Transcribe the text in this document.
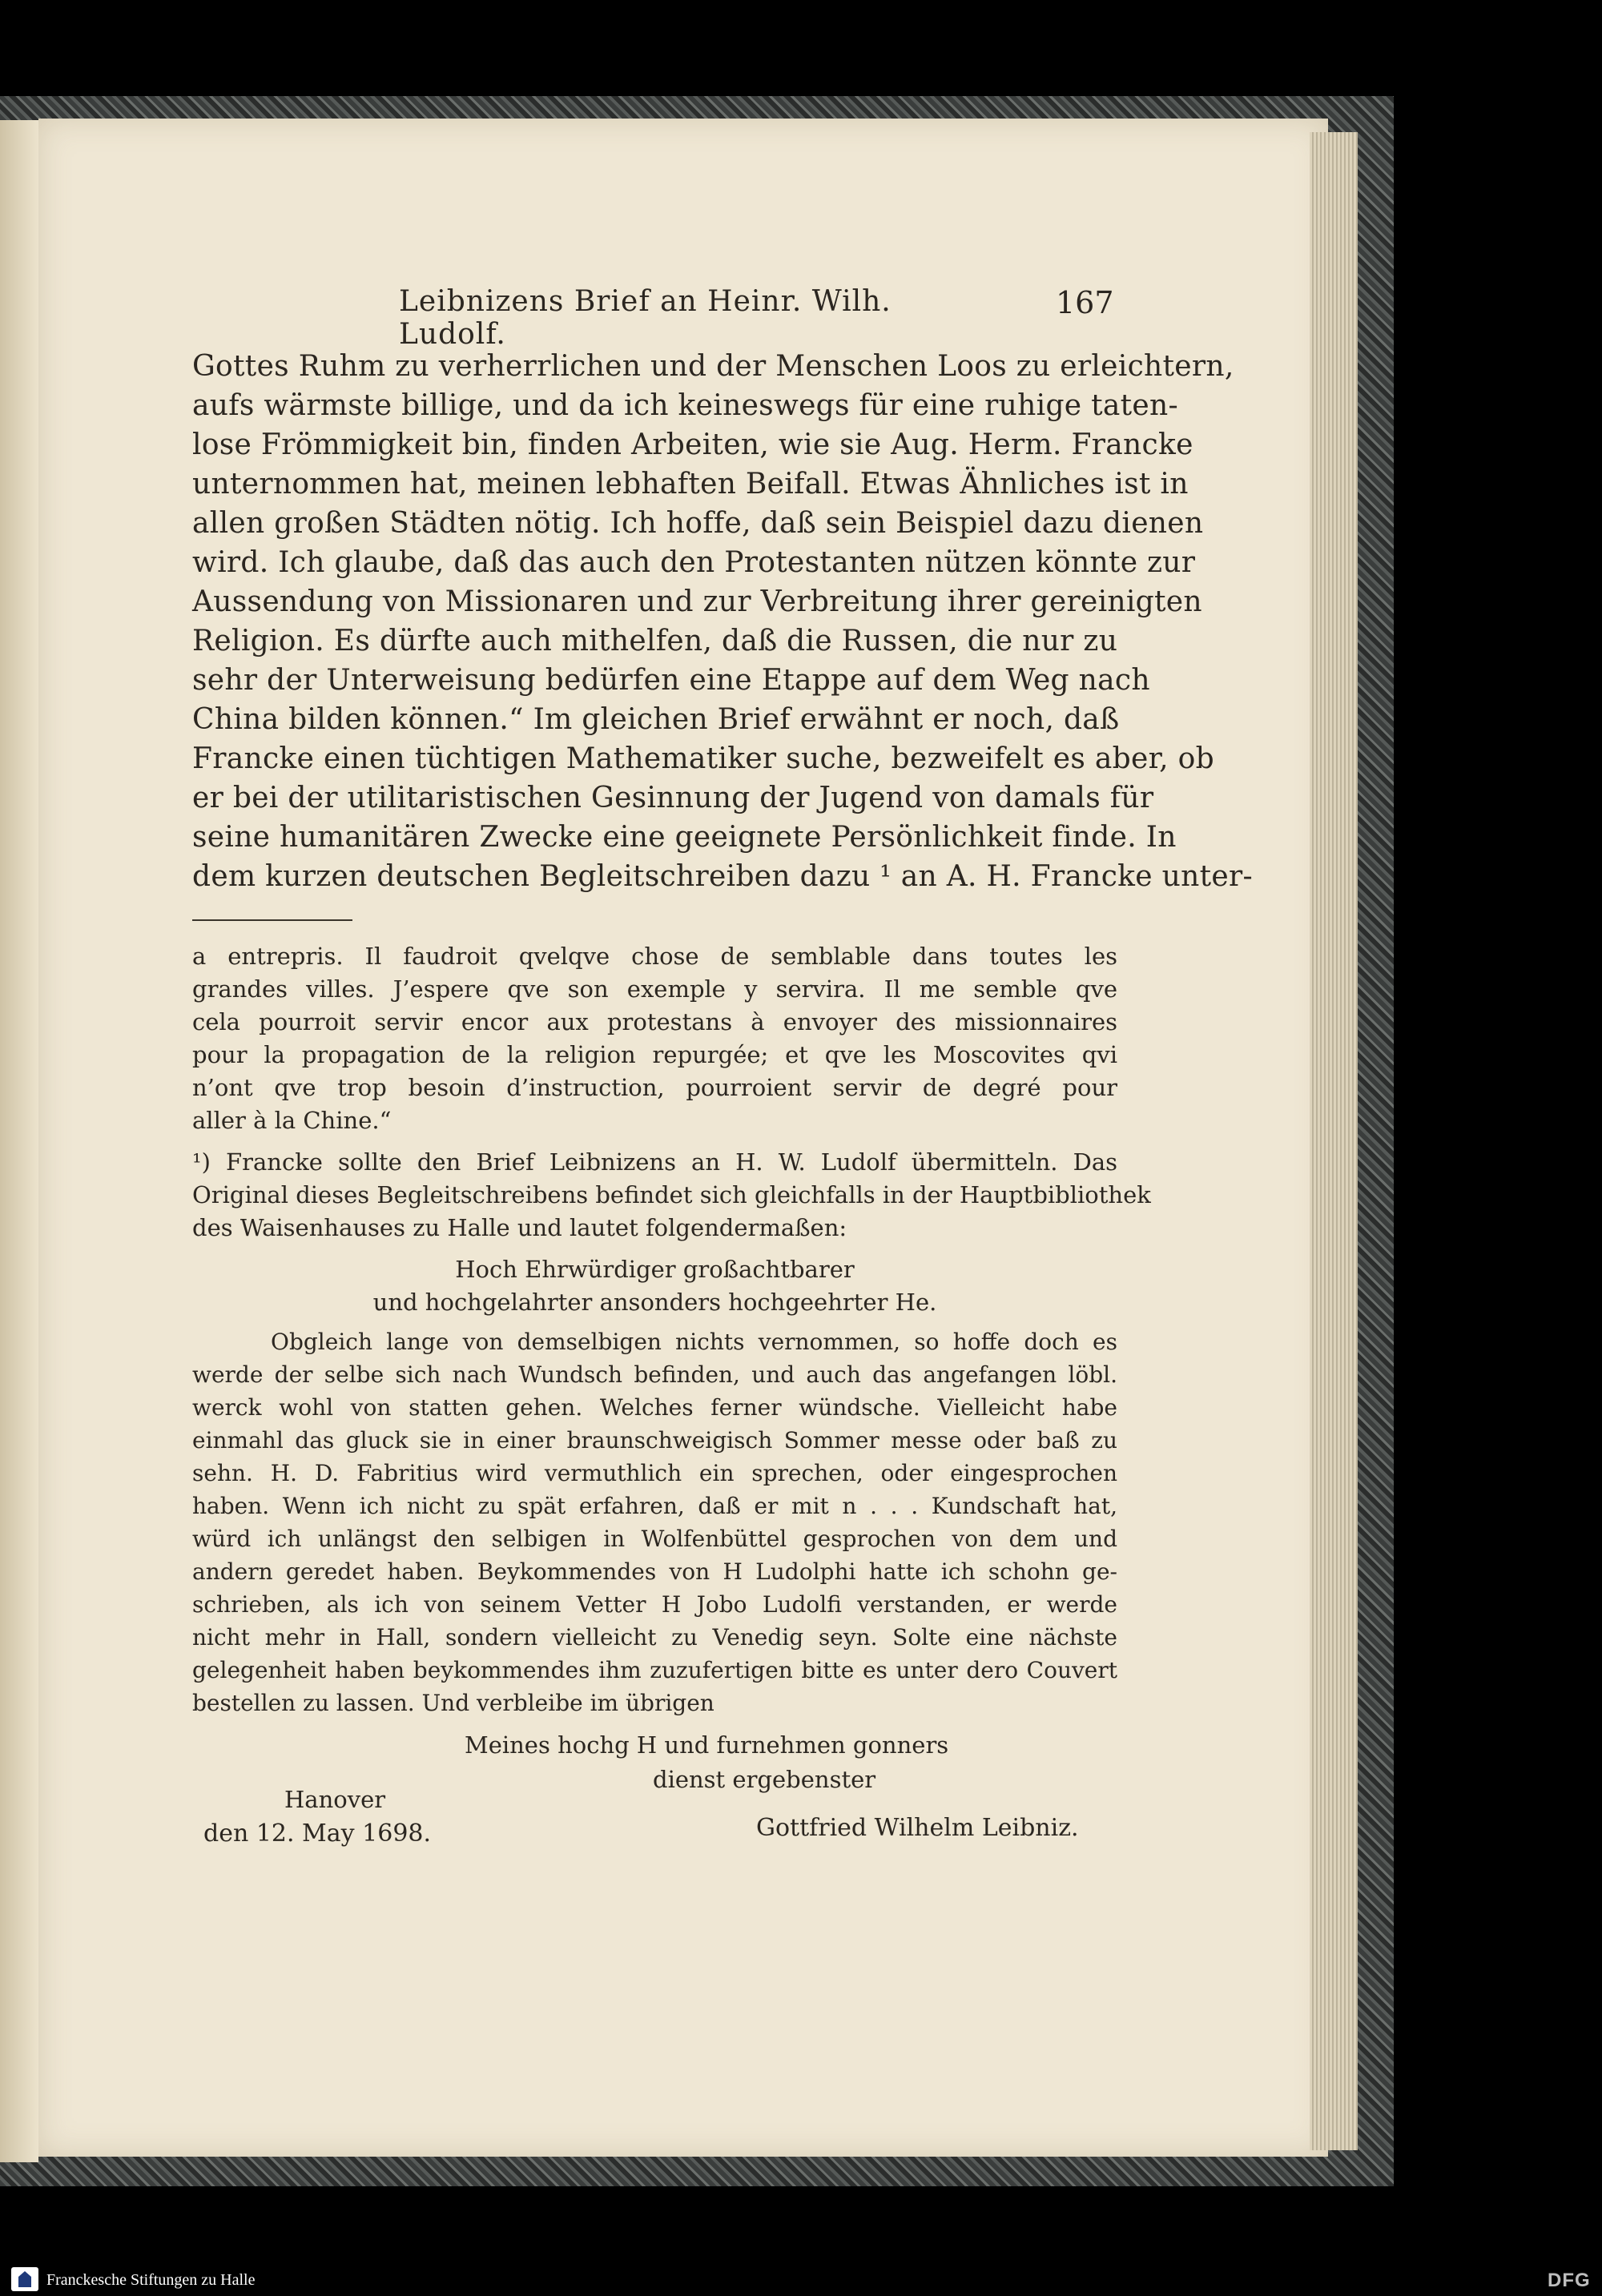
Leibnizens Brief an Heinr. Wilh. Ludolf.
167
Gottes Ruhm zu verherrlichen und der Menschen Loos zu erleichtern,
aufs wärmste billige, und da ich keineswegs für eine ruhige taten-
lose Frömmigkeit bin, finden Arbeiten, wie sie Aug. Herm. Francke
unternommen hat, meinen lebhaften Beifall. Etwas Ähnliches ist in
allen großen Städten nötig. Ich hoffe, daß sein Beispiel dazu dienen
wird. Ich glaube, daß das auch den Protestanten nützen könnte zur
Aussendung von Missionaren und zur Verbreitung ihrer gereinigten
Religion. Es dürfte auch mithelfen, daß die Russen, die nur zu
sehr der Unterweisung bedürfen eine Etappe auf dem Weg nach
China bilden können.“ Im gleichen Brief erwähnt er noch, daß
Francke einen tüchtigen Mathematiker suche, bezweifelt es aber, ob
er bei der utilitaristischen Gesinnung der Jugend von damals für
seine humanitären Zwecke eine geeignete Persönlichkeit finde. In
dem kurzen deutschen Begleitschreiben dazu ¹ an A. H. Francke unter-
a entrepris. Il faudroit qvelqve chose de semblable dans toutes les
grandes villes. J’espere qve son exemple y servira. Il me semble qve
cela pourroit servir encor aux protestans à envoyer des missionnaires
pour la propagation de la religion repurgée; et qve les Moscovites qvi
n’ont qve trop besoin d’instruction, pourroient servir de degré pour
aller à la Chine.“
¹) Francke sollte den Brief Leibnizens an H. W. Ludolf übermitteln. Das
Original dieses Begleitschreibens befindet sich gleichfalls in der Hauptbibliothek
des Waisenhauses zu Halle und lautet folgendermaßen:
Hoch Ehrwürdiger großachtbarer
und hochgelahrter ansonders hochgeehrter He.
Obgleich lange von demselbigen nichts vernommen, so hoffe doch es
werde der selbe sich nach Wundsch befinden, und auch das angefangen löbl.
werck wohl von statten gehen. Welches ferner wündsche. Vielleicht habe
einmahl das gluck sie in einer braunschweigisch Sommer messe oder baß zu
sehn. H. D. Fabritius wird vermuthlich ein sprechen, oder eingesprochen
haben. Wenn ich nicht zu spät erfahren, daß er mit n . . . Kundschaft hat,
würd ich unlängst den selbigen in Wolfenbüttel gesprochen von dem und
andern geredet haben. Beykommendes von H Ludolphi hatte ich schohn ge-
schrieben, als ich von seinem Vetter H Jobo Ludolfi verstanden, er werde
nicht mehr in Hall, sondern vielleicht zu Venedig seyn. Solte eine nächste
gelegenheit haben beykommendes ihm zuzufertigen bitte es unter dero Couvert
bestellen zu lassen. Und verbleibe im übrigen
Meines hochg H und furnehmen gonners
dienst ergebenster
Hanover
den 12. May 1698.	Gottfried Wilhelm Leibniz.
Franckesche Stiftungen zu Halle	DFG
